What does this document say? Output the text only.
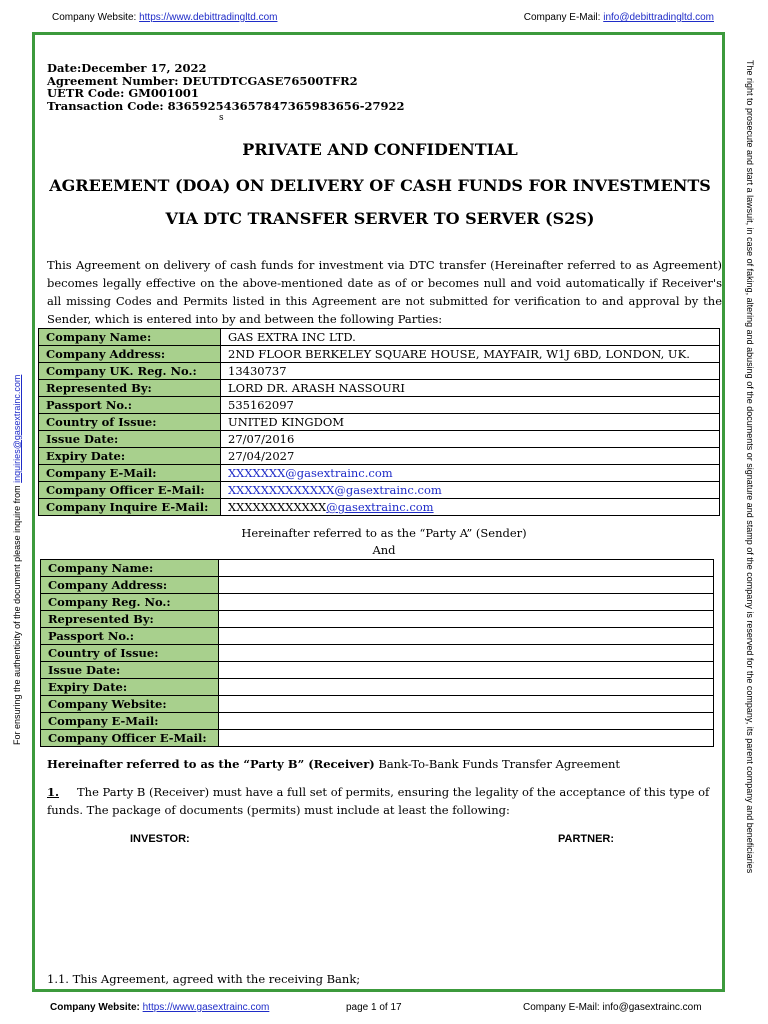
Company Website: https://www.debittradingltd.com	Company E-Mail: info@debittradingltd.com
The right to prosecute and start a lawsuit, in case of faking, altering and abusing of the documents or signature and stamp of the company is reserved for the company, its parent company and beneficiaries
For ensuring the authenticity of the document please inquire from inquiries@gasextrainc.com
Date:December 17, 2022
Agreement Number: DEUTDTCGASE76500TFR2
UETR Code: GM001001
Transaction Code: 836592543657847365983656-27922
s
PRIVATE AND CONFIDENTIAL
AGREEMENT (DOA) ON DELIVERY OF CASH FUNDS FOR INVESTMENTS
VIA DTC TRANSFER SERVER TO SERVER (S2S)
This Agreement on delivery of cash funds for investment via DTC transfer (Hereinafter referred to as Agreement) becomes legally effective on the above-mentioned date as of or becomes null and void automatically if Receiver's all missing Codes and Permits listed in this Agreement are not submitted for verification to and approval by the Sender, which is entered into by and between the following Parties:
Company Name:	GAS EXTRA INC LTD.
Company Address:	2ND FLOOR BERKELEY SQUARE HOUSE, MAYFAIR, W1J 6BD, LONDON, UK.
Company UK. Reg. No.:	13430737
Represented By:	LORD DR. ARASH NASSOURI
Passport No.:	535162097
Country of Issue:	UNITED KINGDOM
Issue Date:	27/07/2016
Expiry Date:	27/04/2027
Company E-Mail:	XXXXXXX@gasextrainc.com
Company Officer E-Mail:	XXXXXXXXXXXXX@gasextrainc.com
Company Inquire E-Mail:	XXXXXXXXXXXX@gasextrainc.com
Hereinafter referred to as the “Party A” (Sender)
And
Company Name:	
Company Address:	
Company Reg. No.:	
Represented By:	
Passport No.:	
Country of Issue:	
Issue Date:	
Expiry Date:	
Company Website:	
Company E-Mail:	
Company Officer E-Mail:	
Hereinafter referred to as the “Party B” (Receiver) Bank-To-Bank Funds Transfer Agreement
1. The Party B (Receiver) must have a full set of permits, ensuring the legality of the acceptance of this type of funds. The package of documents (permits) must include at least the following:
INVESTOR:	PARTNER:
1.1. This Agreement, agreed with the receiving Bank;
Company Website: https://www.gasextrainc.com	page 1 of 17	Company E-Mail: info@gasextrainc.com
